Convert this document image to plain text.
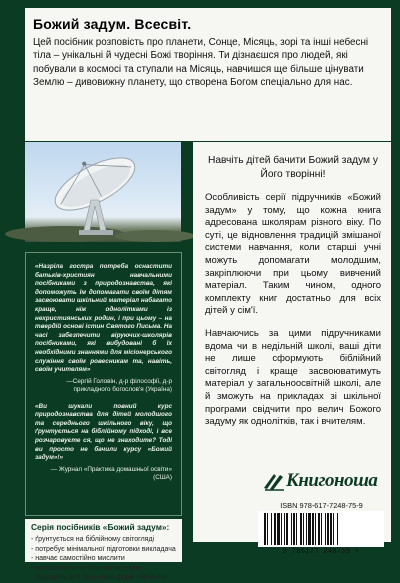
Божий задум. Всесвіт.
Цей посібник розповість про планети, Сонце, Місяць, зорі та інші небесні тіла – унікальні й чудесні Божі творіння. Ти дізнаєшся про людей, які побували в космосі та ступали на Місяць, навчишся ще більше цінувати Землю – дивовижну планету, що створена Богом спеціально для нас.

Навчіть дітей бачити Божий задум у Його творінні!

Особливість серії підручників «Божий задум» у тому, що кожна книга адресована школярам різного віку. По суті, це відновлення традицій змішаної системи навчання, коли старші учні можуть допомагати молодшим, закріплюючи при цьому вивчений матеріал. Таким чином, одного комплекту книг достатньо для всіх дітей у сім'ї.

Навчаючись за цими підручниками вдома чи в недільній школі, ваші діти не лише сформують біблійний світогляд і краще засвоюватимуть матеріал у загальноосвітній школі, але й зможуть на прикладах зі шкільної програми свідчити про велич Божого задуму як однолітків, так і вчителям.

«Назріла гостра потреба оснастити батьків-християн навчальними посібниками з природознавства, які допоможуть їм допомагати своїм дітям засвоювати шкільний матеріал набагато краще, ніж однолітками із нехристиянських родин, і при цьому – на твердій основі істин Святого Письма. На часі забезпечити віруючих-школярів посібниками, які вибудовані б їх необхідними знаннями для місіонерського служіння своїм ровесникам та, навіть, своїм учителям»

—Сергій Головін, д-р філософії, д-р прикладного богослов'я (Україна)

«Ви шукали повний курс природознавства для дітей молодшого та середнього шкільного віку, що ґрунтується на біблійному підході, і все розчаровуєте ся, що не знаходите? Тоді ви просто не бачили курсу «Божий задум»!»

— Журнал «Практика домашньої освіти» (США)

Серія посібників «Божий задум»:
- ґрунтується на біблійному світогляді
- потребує мінімальної підготовки викладача
- навчає самостійно мислити
- розрахована на різні вікові групи
- підходить для будь-яких форм навчання
Книгоноша
ISBN 978-617-7248-75-9
9 786177 248759 >
